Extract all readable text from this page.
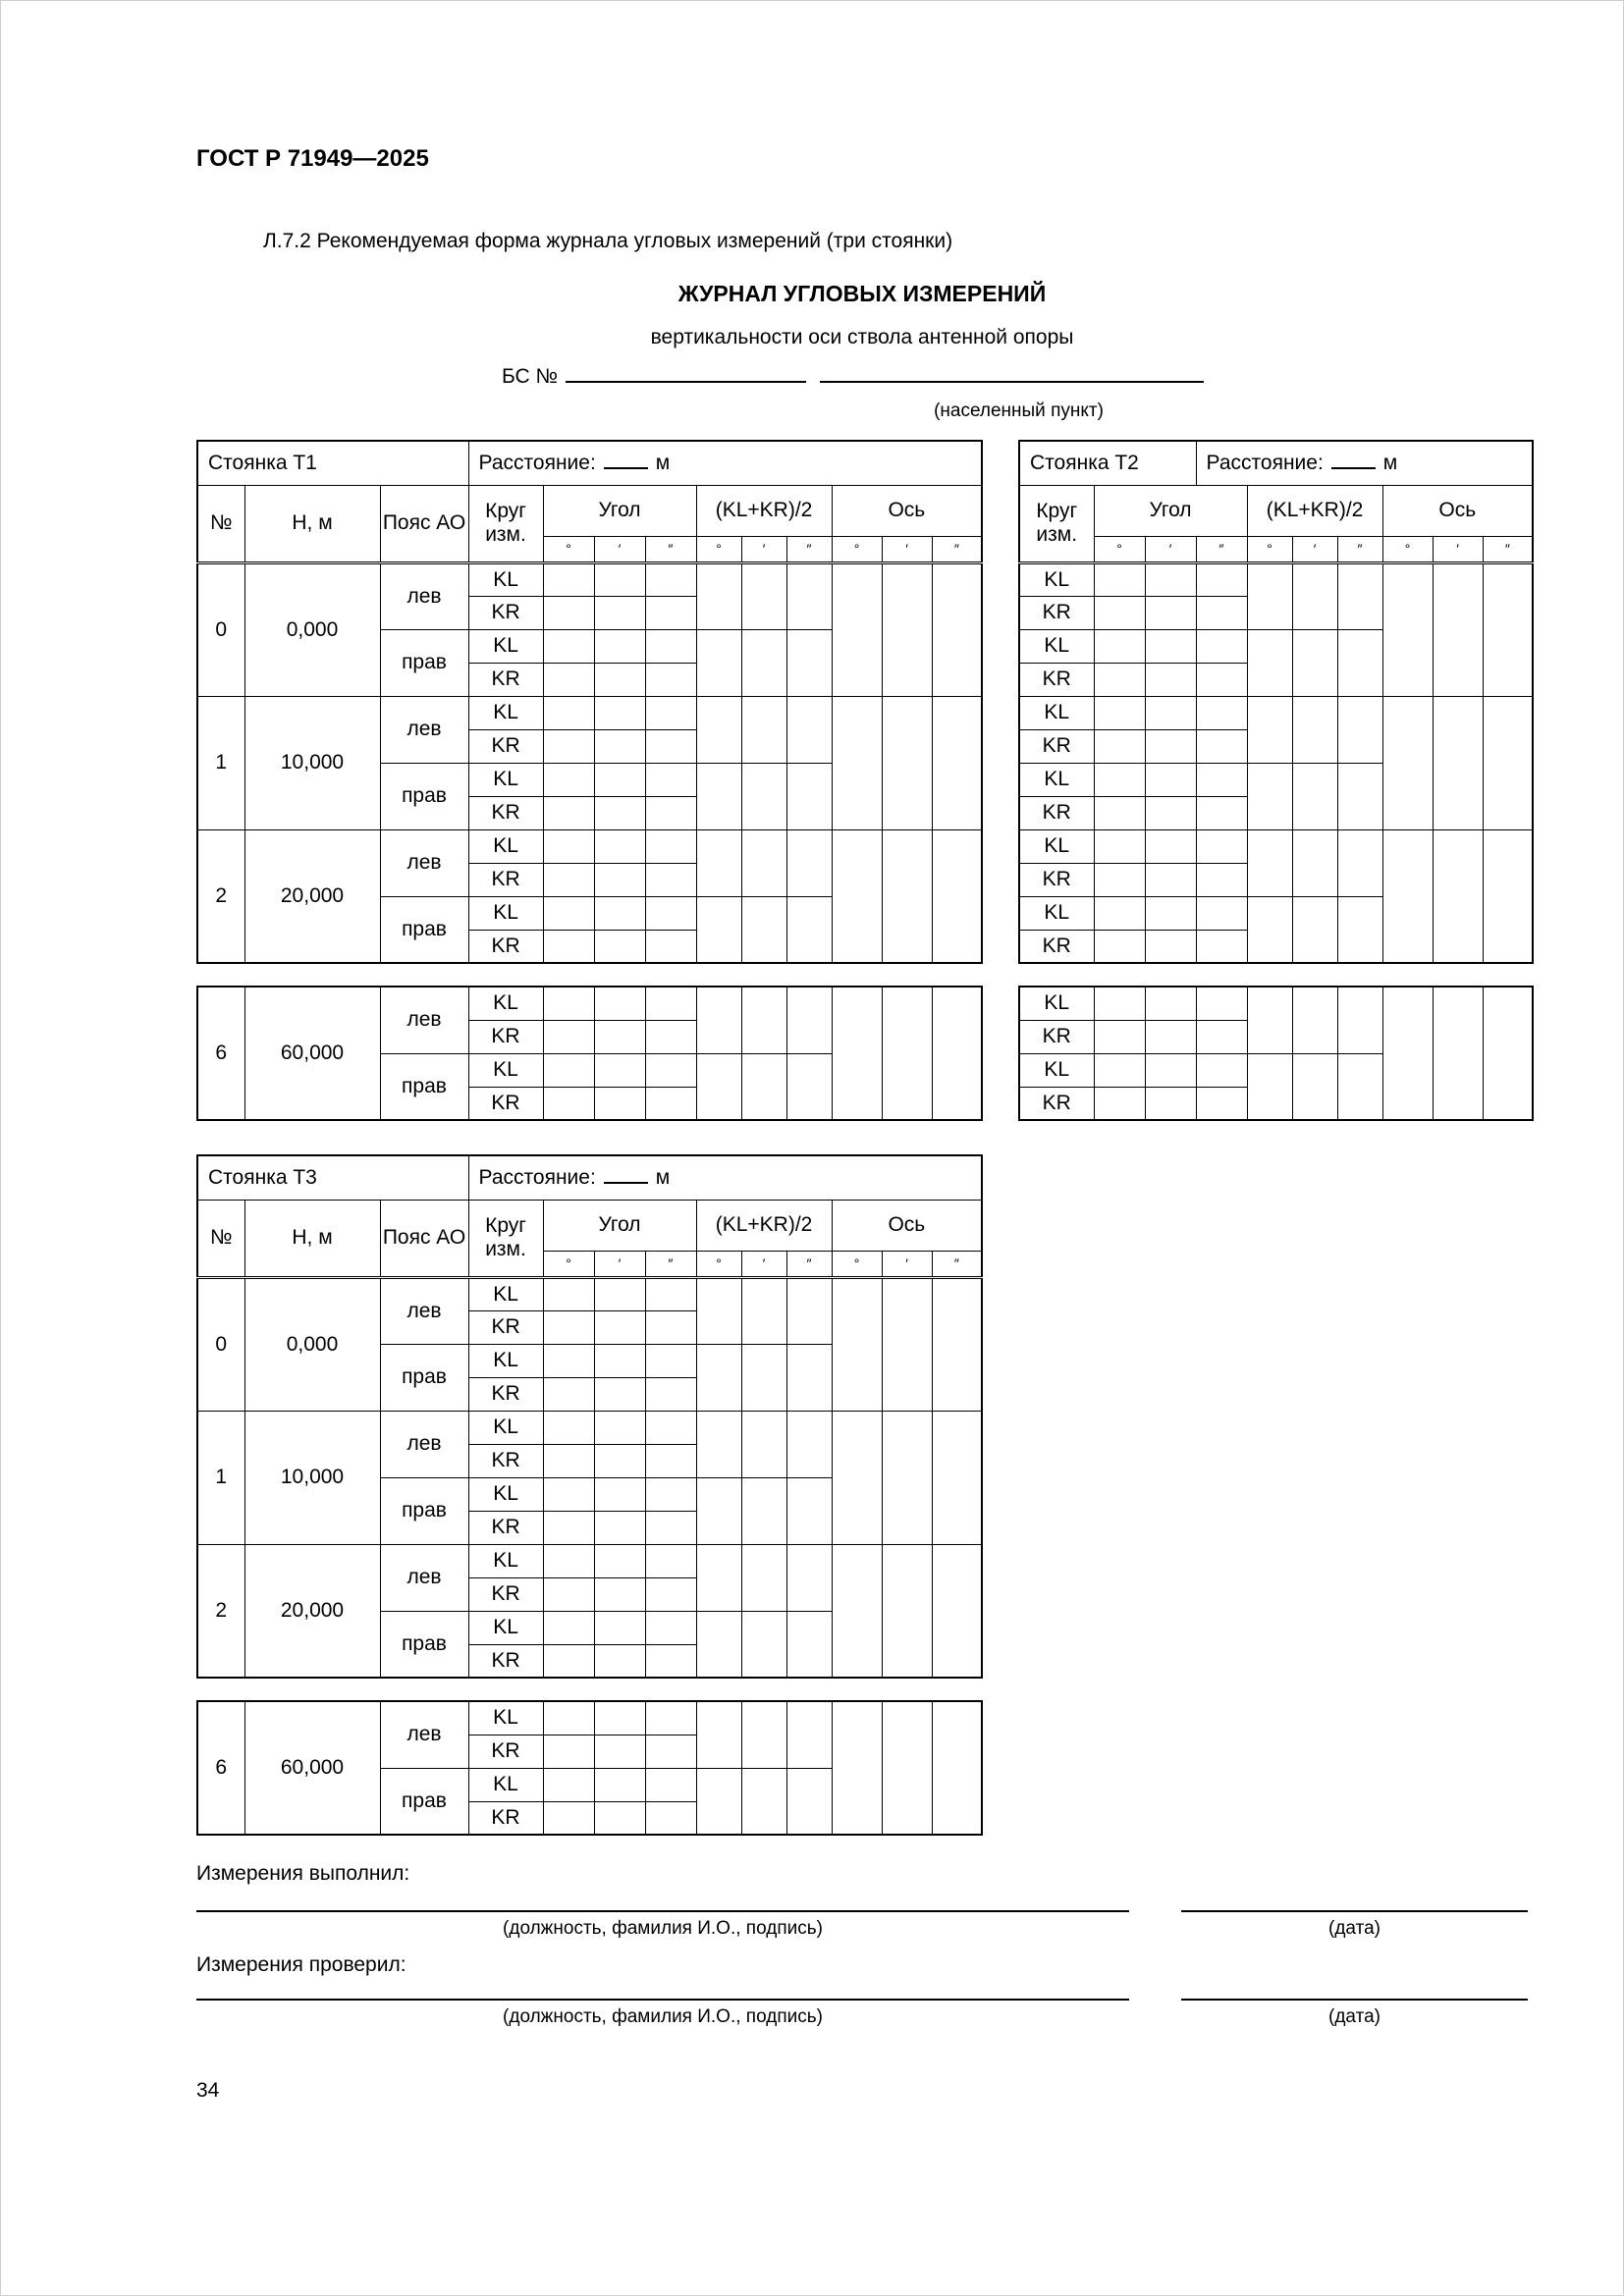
ГОСТ Р 71949—2025
Л.7.2 Рекомендуемая форма журнала угловых измерений (три стоянки)
ЖУРНАЛ УГЛОВЫХ ИЗМЕРЕНИЙ
вертикальности оси ствола антенной опоры
БС №
(населенный пункт)
Стоянка Т1			Расстояние: м									
№	Н, м	Пояс АО	Круг изм.	Угол			(KL+KR)/2			Ось		
				°	′	″	°	′	″	°	′	″
0	0,000	лев	KL									
			KR									
		прав	KL									
			KR									
1	10,000	лев	KL									
			KR									
		прав	KL									
			KR									
2	20,000	лев	KL									
			KR									
		прав	KL									
			KR									
6	60,000	лев	KL									
			KR									
		прав	KL									
			KR									
Стоянка Т2			Расстояние: м						
Круг изм.	Угол			(KL+KR)/2			Ось		
	°	′	″	°	′	″	°	′	″
KL									
KR									
KL									
KR									
KL									
KR									
KL									
KR									
KL									
KR									
KL									
KR									
KL									
KR									
KL									
KR									
Стоянка Т3			Расстояние: м									
№	Н, м	Пояс АО	Круг изм.	Угол			(KL+KR)/2			Ось		
				°	′	″	°	′	″	°	′	″
0	0,000	лев	KL									
			KR									
		прав	KL									
			KR									
1	10,000	лев	KL									
			KR									
		прав	KL									
			KR									
2	20,000	лев	KL									
			KR									
		прав	KL									
			KR									
6	60,000	лев	KL									
			KR									
		прав	KL									
			KR									
Измерения выполнил:
(должность, фамилия И.О., подпись)	(дата)
Измерения проверил:
(должность, фамилия И.О., подпись)	(дата)
34
